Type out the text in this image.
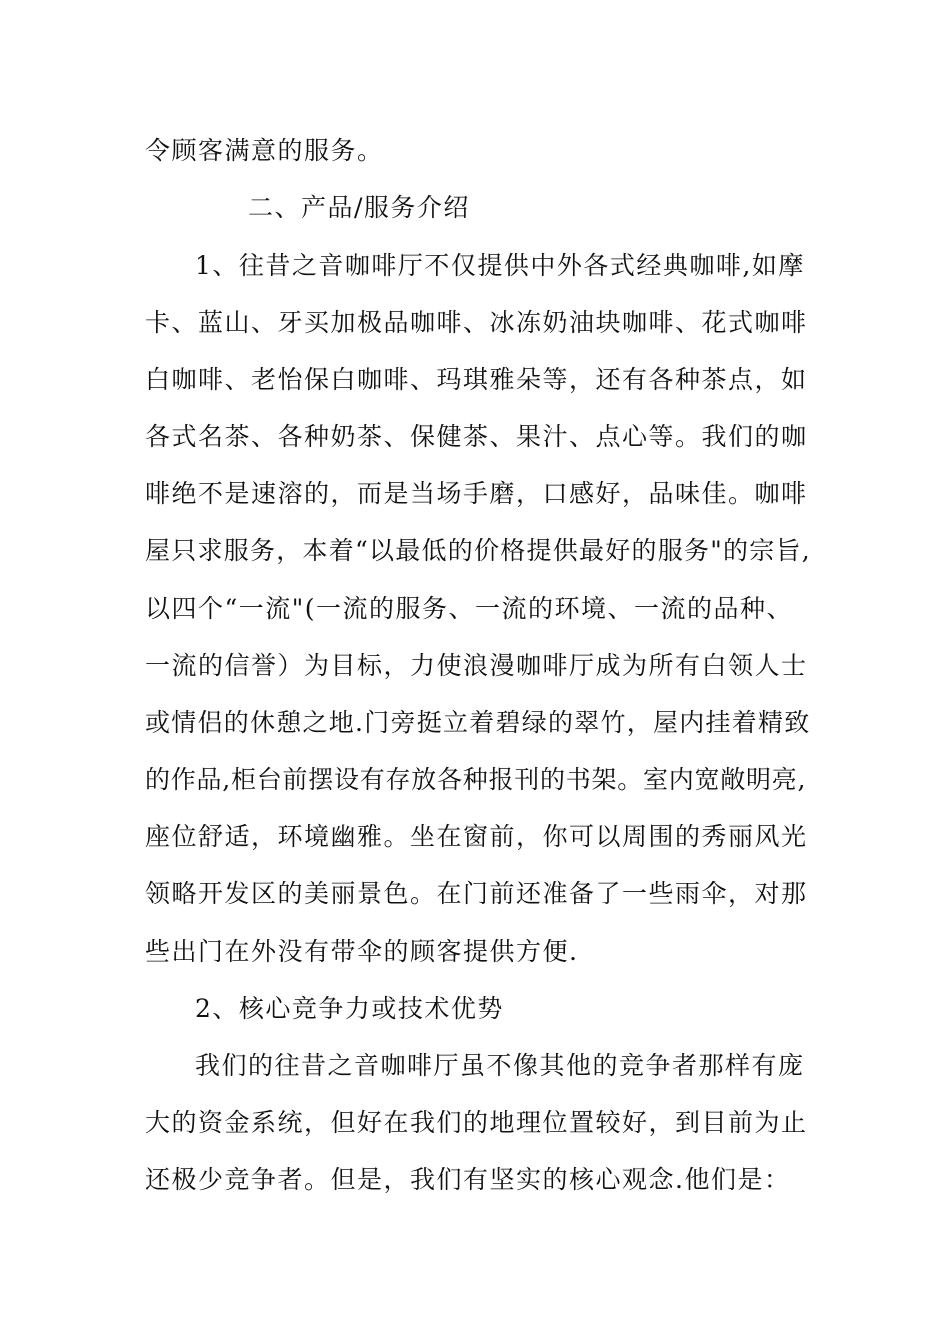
令顾客满意的服务。
二、产品/服务介绍
1、往昔之音咖啡厅不仅提供中外各式经典咖啡,如摩
卡、蓝山、牙买加极品咖啡、冰冻奶油块咖啡、花式咖啡
白咖啡、老怡保白咖啡、玛琪雅朵等，还有各种茶点，如
各式名茶、各种奶茶、保健茶、果汁、点心等。我们的咖
啡绝不是速溶的，而是当场手磨，口感好，品味佳。咖啡
屋只求服务，本着“以最低的价格提供最好的服务"的宗旨,
以四个“一流"(一流的服务、一流的环境、一流的品种、
一流的信誉）为目标，力使浪漫咖啡厅成为所有白领人士
或情侣的休憩之地.门旁挺立着碧绿的翠竹，屋内挂着精致
的作品,柜台前摆设有存放各种报刊的书架。室内宽敞明亮,
座位舒适，环境幽雅。坐在窗前，你可以周围的秀丽风光
领略开发区的美丽景色。在门前还准备了一些雨伞，对那
些出门在外没有带伞的顾客提供方便.
2、核心竞争力或技术优势
我们的往昔之音咖啡厅虽不像其他的竞争者那样有庞
大的资金系统，但好在我们的地理位置较好，到目前为止
还极少竞争者。但是，我们有坚实的核心观念.他们是：
